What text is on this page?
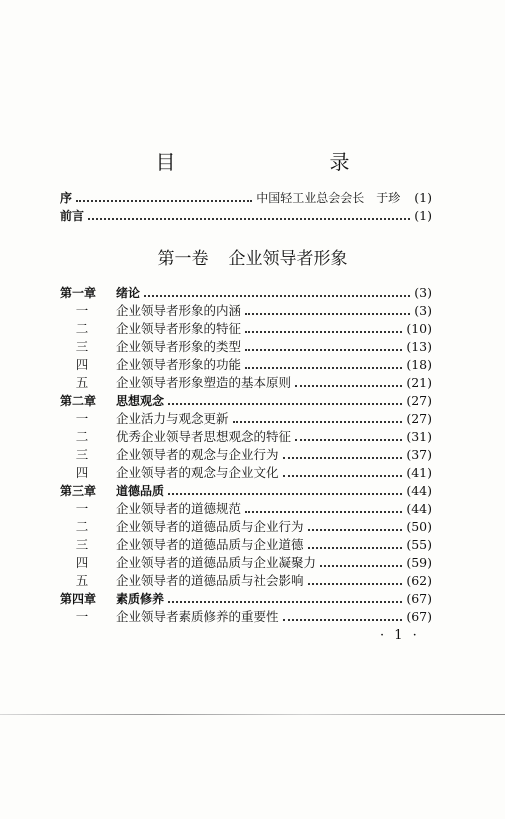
目　　录
序	中国轻工业总会会长　于珍 (1)
前言	(1)
第一卷 企业领导者形象
第一章	绪论	(3)
一	企业领导者形象的内涵	(3)
二	企业领导者形象的特征	(10)
三	企业领导者形象的类型	(13)
四	企业领导者形象的功能	(18)
五	企业领导者形象塑造的基本原则	(21)
第二章	思想观念	(27)
一	企业活力与观念更新	(27)
二	优秀企业领导者思想观念的特征	(31)
三	企业领导者的观念与企业行为	(37)
四	企业领导者的观念与企业文化	(41)
第三章	道德品质	(44)
一	企业领导者的道德规范	(44)
二	企业领导者的道德品质与企业行为	(50)
三	企业领导者的道德品质与企业道德	(55)
四	企业领导者的道德品质与企业凝聚力	(59)
五	企业领导者的道德品质与社会影响	(62)
第四章	素质修养	(67)
一	企业领导者素质修养的重要性	(67)
· 1 ·
